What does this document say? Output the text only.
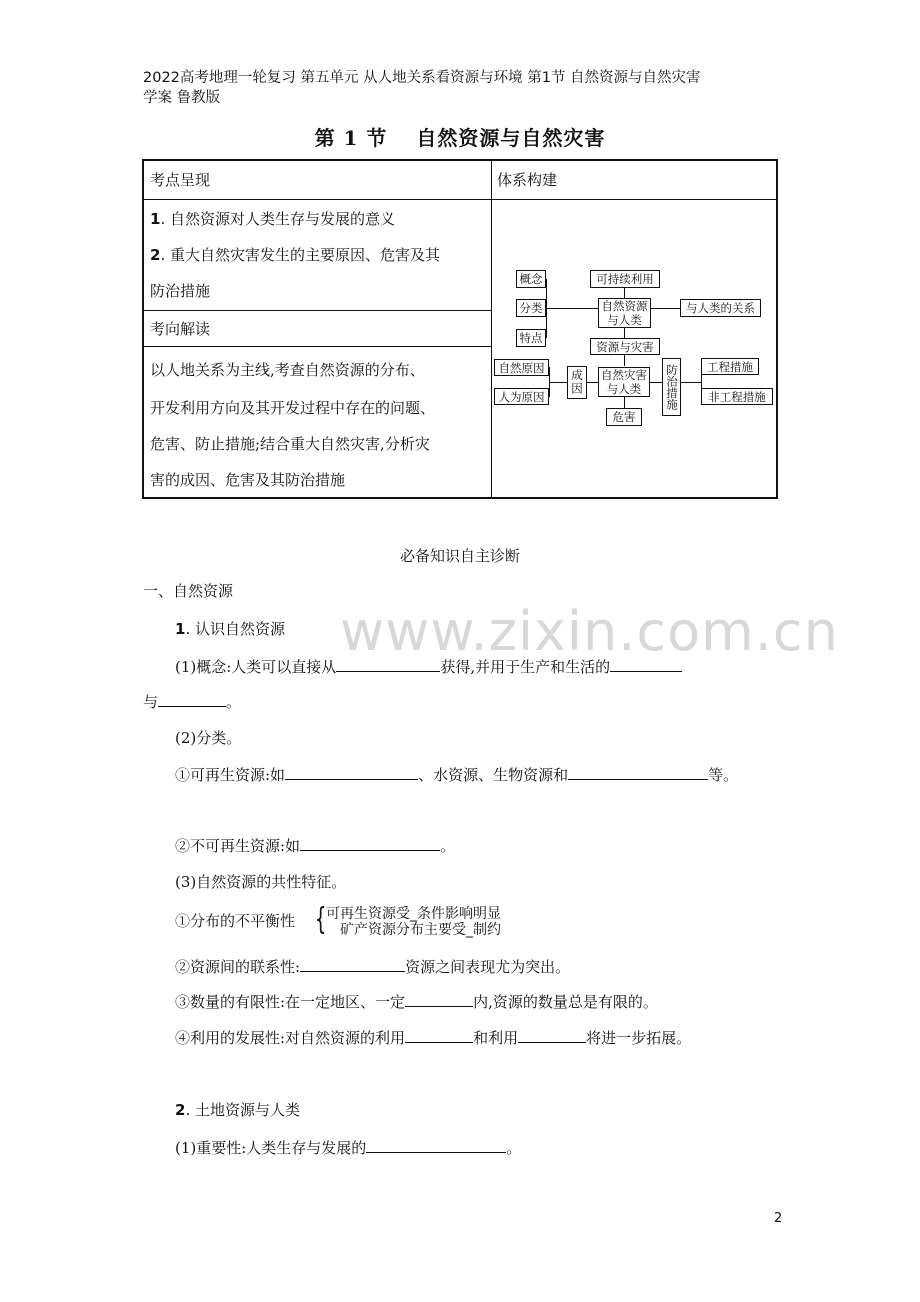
2022高考地理一轮复习 第五单元 从人地关系看资源与环境 第1节 自然资源与自然灾害
学案 鲁教版
第 1 节　 自然资源与自然灾害
考点呈现	体系构建
1. 自然资源对人类生存与发展的意义
2. 重大自然灾害发生的主要原因、危害及其
防治措施
考向解读
以人地关系为主线,考查自然资源的分布、
开发利用方向及其开发过程中存在的问题、
危害、防止措施;结合重大自然灾害,分析灾
害的成因、危害及其防治措施
概念
分类
特点
可持续利用
自然资源
与人类
与人类的关系
资源与灾害
自然原因
人为原因
成因 自然灾害
与人类 防治措施	工程措施
非工程措施
危害
www.zixin.com.cn
必备知识自主诊断
一、自然资源
1. 认识自然资源
(1)概念:人类可以直接从	获得,并用于生产和生活的
与	。
(2)分类。
①可再生资源:如	、水资源、生物资源和	等。
②不可再生资源:如	。
(3)自然资源的共性特征。
①分布的不平衡性 { 可再生资源受_条件影响明显
矿产资源分布主要受_制约
②资源间的联系性:	资源之间表现尤为突出。
③数量的有限性:在一定地区、一定	内,资源的数量总是有限的。
④利用的发展性:对自然资源的利用	和利用	将进一步拓展。
2. 土地资源与人类
(1)重要性:人类生存与发展的	。
2
